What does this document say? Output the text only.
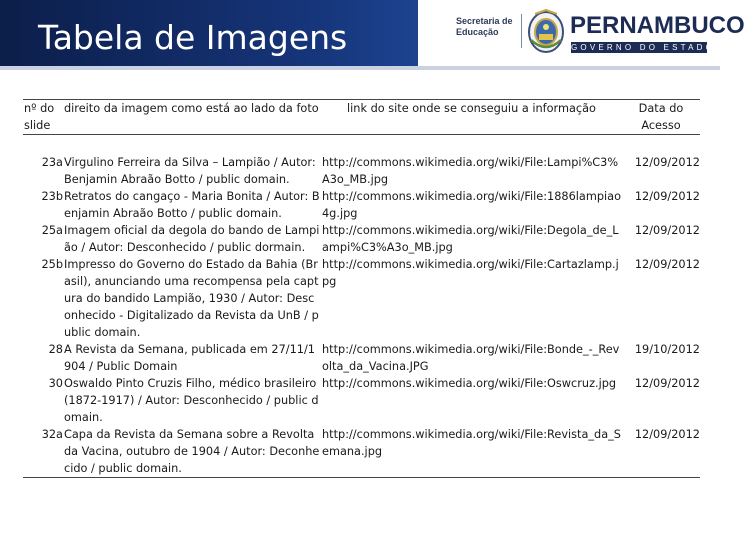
Tabela de Imagens	Secretaria de Educação	PERNAMBUCO
GOVERNO DO ESTADO
nº do slide	direito da imagem como está ao lado da foto	link do site onde se conseguiu a informação	Data do Acesso
23a	Virgulino Ferreira da Silva – Lampião / Autor: Benjamin Abraão Botto / public domain.	http://commons.wikimedia.org/wiki/File:Lampi%C3%A3o_MB.jpg	12/09/2012
23b	Retratos do cangaço - Maria Bonita / Autor: Benjamin Abraão Botto / public domain.	http://commons.wikimedia.org/wiki/File:1886lampiao4g.jpg	12/09/2012
25a	Imagem oficial da degola do bando de Lampião / Autor: Desconhecido / public dormain.	http://commons.wikimedia.org/wiki/File:Degola_de_Lampi%C3%A3o_MB.jpg	12/09/2012
25b	Impresso do Governo do Estado da Bahia (Brasil), anunciando uma recompensa pela captura do bandido Lampião, 1930 / Autor: Desconhecido - Digitalizado da Revista da UnB / public domain.	http://commons.wikimedia.org/wiki/File:Cartazlamp.jpg	12/09/2012
28	A Revista da Semana, publicada em 27/11/1904 / Public Domain	http://commons.wikimedia.org/wiki/File:Bonde_-_Revolta_da_Vacina.JPG	19/10/2012
30	Oswaldo Pinto Cruzis Filho, médico brasileiro (1872-1917) / Autor: Desconhecido / public domain.	http://commons.wikimedia.org/wiki/File:Oswcruz.jpg	12/09/2012
32a	Capa da Revista da Semana sobre a Revolta da Vacina, outubro de 1904 / Autor: Deconhecido / public domain.	http://commons.wikimedia.org/wiki/File:Revista_da_Semana.jpg	12/09/2012
